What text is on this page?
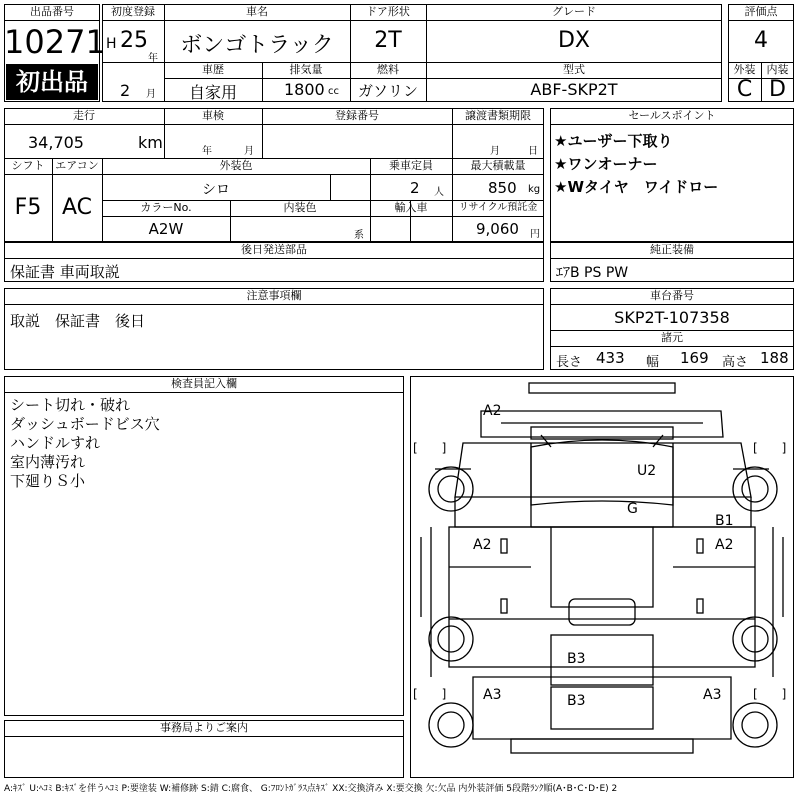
出品番号
10271
初出品
初度登録
H 25
年
2 月
車名
ボンゴトラック
ドア形状
2T
グレード
DX
車歴
自家用
排気量
1800 cc
燃料
ガソリン
型式
ABF-SKP2T
評価点
4
外装	内装
C D
走行
34,705	km
車検
年	月
登録番号	譲渡書類期限
月	日
シフト
F5
エアコン
AC
外装色
シロ
乗車定員
2 人
最大積載量
850 kg
カラーNo.
A2W
内装色
系
輸入車	リサイクル預託金
9,060 円
セールスポイント
★ユーザー下取り
★ワンオーナー
★Wタイヤ　ワイドロー
後日発送部品
保証書 車両取説
純正装備
ｴｱB PS PW
注意事項欄
取説　保証書　後日
車台番号
SKP2T-107358
諸元
長さ 433 幅 169 高さ 188
検査員記入欄
シート切れ・破れ
ダッシュボードビス穴
ハンドルすれ
室内薄汚れ
下廻りＳ小
事務局よりご案内
[　　]	[　　]
[　　]	[　　]
A2
U2
G
B1
A2	A2
B3
B3
A3	A3
A:ｷｽﾞ U:ﾍｺﾐ B:ｷｽﾞを伴うﾍｺﾐ P:要塗装 W:補修跡 S:錆 C:腐食、 G:ﾌﾛﾝﾄｶﾞﾗｽ点ｷｽﾞ XX:交換済み X:要交換 欠:欠品 内外装評価 5段階ﾗﾝｸ順(A･B･C･D･E) 2
